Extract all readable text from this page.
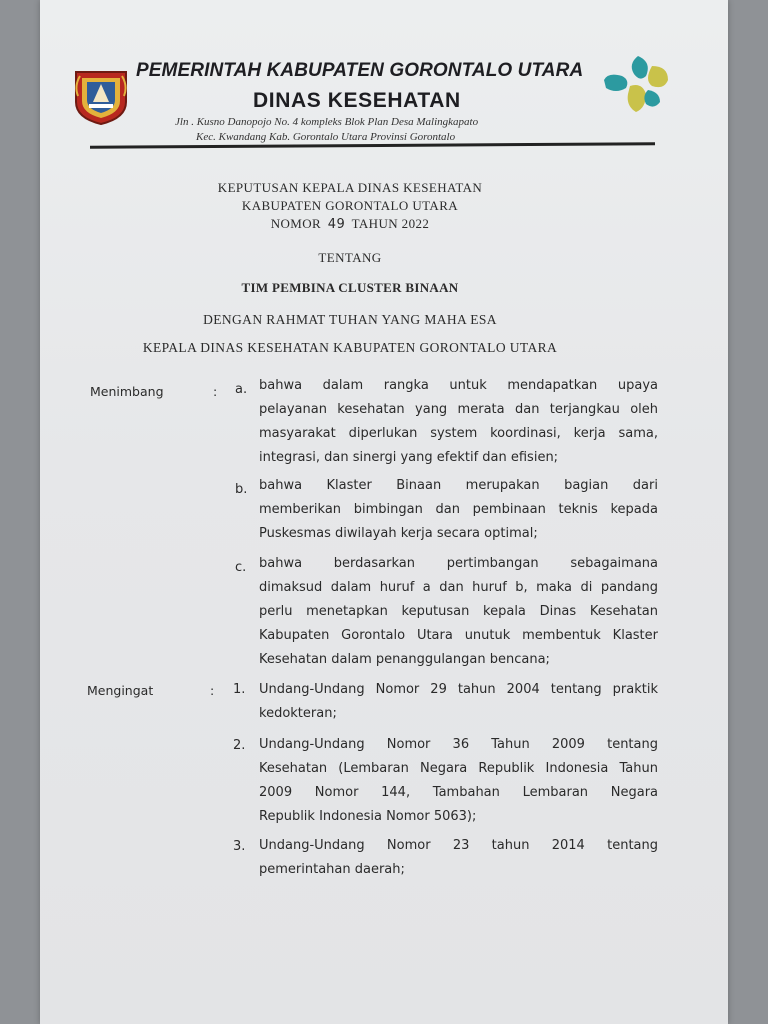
PEMERINTAH KABUPATEN GORONTALO UTARA
DINAS KESEHATAN
Jln . Kusno Danopojo No. 4 kompleks Blok Plan Desa Malingkapato
Kec. Kwandang Kab. Gorontalo Utara Provinsi Gorontalo
KEPUTUSAN KEPALA DINAS KESEHATAN
KABUPATEN GORONTALO UTARA
NOMOR 49 TAHUN 2022
TENTANG
TIM PEMBINA CLUSTER BINAAN
DENGAN RAHMAT TUHAN YANG MAHA ESA
KEPALA DINAS KESEHATAN KABUPATEN GORONTALO UTARA
Menimbang	: a. bahwa dalam rangka untuk mendapatkan upaya
pelayanan kesehatan yang merata dan terjangkau oleh
masyarakat diperlukan system koordinasi, kerja sama,
integrasi, dan sinergi yang efektif dan efisien;
b. bahwa Klaster Binaan merupakan bagian dari
memberikan bimbingan dan pembinaan teknis kepada
Puskesmas diwilayah kerja secara optimal;
c. bahwa berdasarkan pertimbangan sebagaimana
dimaksud dalam huruf a dan huruf b, maka di pandang
perlu menetapkan keputusan kepala Dinas Kesehatan
Kabupaten Gorontalo Utara unutuk membentuk Klaster
Kesehatan dalam penanggulangan bencana;
Mengingat	: 1. Undang-Undang Nomor 29 tahun 2004 tentang praktik
kedokteran;
2. Undang-Undang Nomor 36 Tahun 2009 tentang
Kesehatan (Lembaran Negara Republik Indonesia Tahun
2009 Nomor 144, Tambahan Lembaran Negara
Republik Indonesia Nomor 5063);
3. Undang-Undang Nomor 23 tahun 2014 tentang
pemerintahan daerah;
